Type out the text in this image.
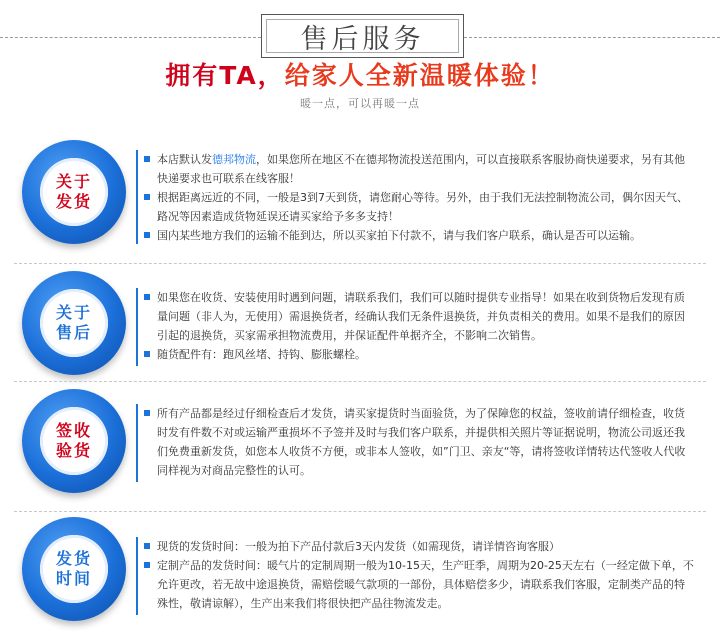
售后服务
拥有TA，给家人全新温暖体验！
暖一点，可以再暖一点
关于
发货
本店默认发德邦物流，如果您所在地区不在德邦物流投送范围内，可以直接联系客服协商快递要求，另有其他快递要求也可联系在线客服！
根据距离远近的不同，一般是3到7天到货，请您耐心等待。另外，由于我们无法控制物流公司，偶尔因天气、路况等因素造成货物延误还请买家给予多多支持！
国内某些地方我们的运输不能到达，所以买家拍下付款不，请与我们客户联系，确认是否可以运输。
关于
售后
如果您在收货、安装使用时遇到问题，请联系我们，我们可以随时提供专业指导！如果在收到货物后发现有质量问题（非人为，无使用）需退换货者，经确认我们无条件退换货，并负责相关的费用。如果不是我们的原因引起的退换货，买家需承担物流费用，并保证配件单据齐全，不影响二次销售。
随货配件有：跑风丝堵、持钩、膨胀螺栓。
签收
验货
所有产品都是经过仔细检查后才发货，请买家提货时当面验货，为了保障您的权益，签收前请仔细检查，收货时发有件数不对或运输严重损坏不予签并及时与我们客户联系，并提供相关照片等证据说明，物流公司返还我们免费重新发货，如您本人收货不方便，或非本人签收，如”门卫、亲友“等，请将签收详情转达代签收人代收同样视为对商品完整性的认可。
发货
时间
现货的发货时间：一般为拍下产品付款后3天内发货（如需现货，请详情咨询客服）
定制产品的发货时间：暖气片的定制周期一般为10-15天，生产旺季，周期为20-25天左右（一经定做下单，不允许更改，若无故中途退换货，需赔偿暖气款项的一部份，具体赔偿多少，请联系我们客服，定制类产品的特殊性，敬请谅解），生产出来我们将很快把产品往物流发走。
